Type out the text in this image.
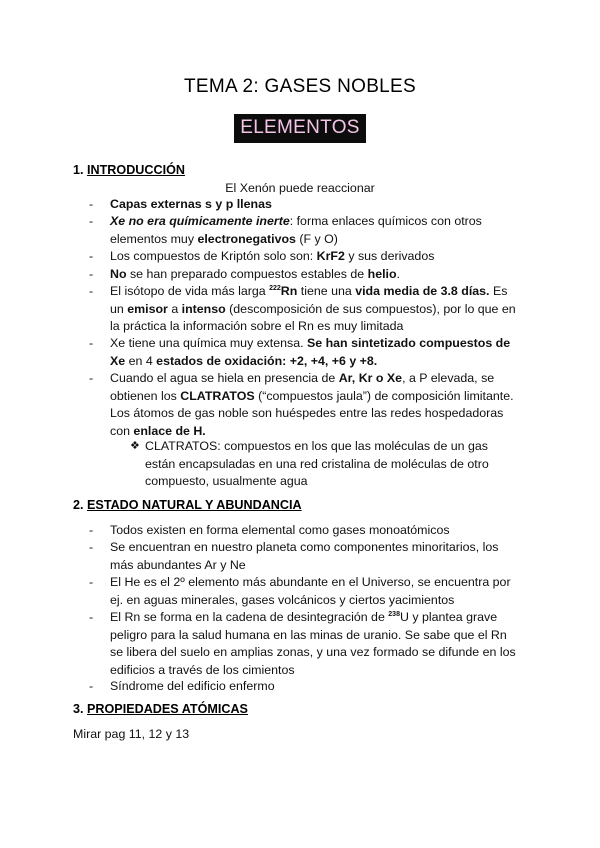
TEMA 2: GASES NOBLES
ELEMENTOS
1. INTRODUCCIÓN
El Xenón puede reaccionar
- Capas externas s y p llenas
- Xe no era químicamente inerte: forma enlaces químicos con otros elementos muy electronegativos (F y O)
- Los compuestos de Kriptón solo son: KrF2 y sus derivados
- No se han preparado compuestos estables de helio.
- El isótopo de vida más larga $^{222}$Rn tiene una vida media de 3.8 días. Es un emisor a intenso (descomposición de sus compuestos), por lo que en la práctica la información sobre el Rn es muy limitada
- Xe tiene una química muy extensa. Se han sintetizado compuestos de Xe en 4 estados de oxidación: +2, +4, +6 y +8.
- Cuando el agua se hiela en presencia de Ar, Kr o Xe, a P elevada, se obtienen los CLATRATOS (“compuestos jaula”) de composición limitante. Los átomos de gas noble son huéspedes entre las redes hospedadoras con enlace de H.
❖ CLATRATOS: compuestos en los que las moléculas de un gas están encapsuladas en una red cristalina de moléculas de otro compuesto, usualmente agua
2. ESTADO NATURAL Y ABUNDANCIA
- Todos existen en forma elemental como gases monoatómicos
- Se encuentran en nuestro planeta como componentes minoritarios, los más abundantes Ar y Ne
- El He es el 2º elemento más abundante en el Universo, se encuentra por ej. en aguas minerales, gases volcánicos y ciertos yacimientos
- El Rn se forma en la cadena de desintegración de $^{238}$U y plantea grave peligro para la salud humana en las minas de uranio. Se sabe que el Rn se libera del suelo en amplias zonas, y una vez formado se difunde en los edificios a través de los cimientos
- Síndrome del edificio enfermo
3. PROPIEDADES ATÓMICAS
Mirar pag 11, 12 y 13
